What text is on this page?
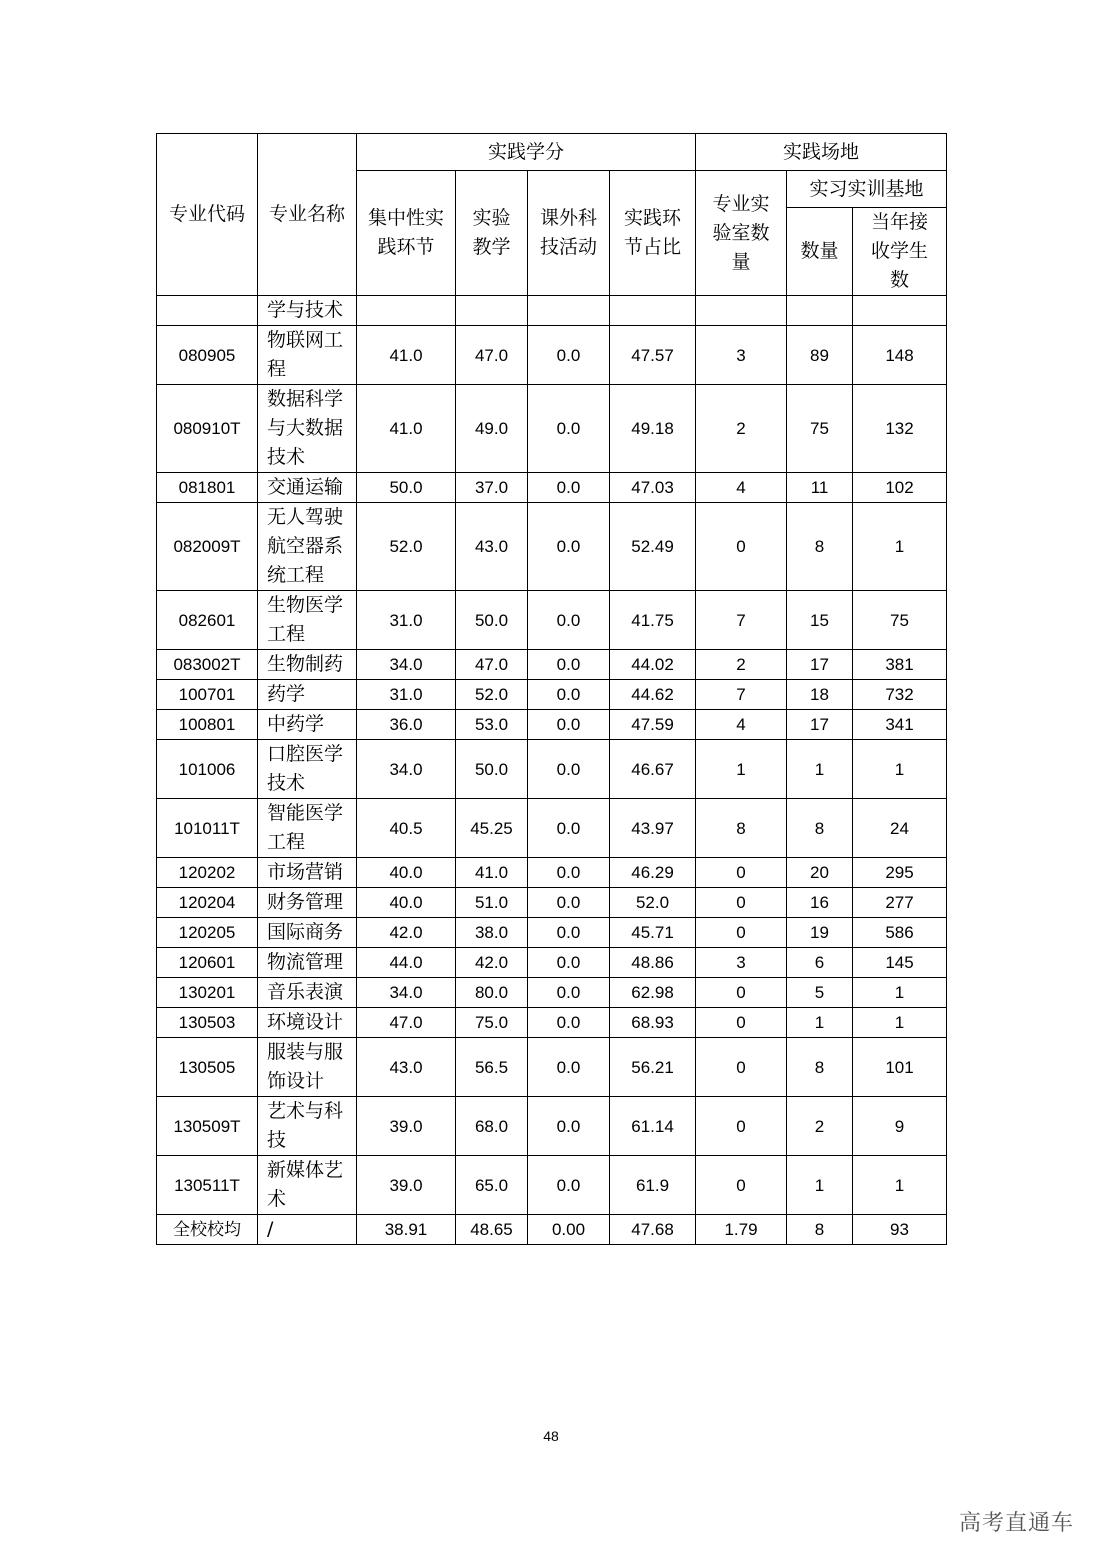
专业代码	专业名称	实践学分				实践场地		
		集中性实践环节	实验教学	课外科技活动	实践环节占比	专业实验室数量	实习实训基地	
							数量	当年接收学生数
	学与技术							
080905	物联网工程	41.0	47.0	0.0	47.57	3	89	148
080910T	数据科学与大数据技术	41.0	49.0	0.0	49.18	2	75	132
081801	交通运输	50.0	37.0	0.0	47.03	4	11	102
082009T	无人驾驶航空器系统工程	52.0	43.0	0.0	52.49	0	8	1
082601	生物医学工程	31.0	50.0	0.0	41.75	7	15	75
083002T	生物制药	34.0	47.0	0.0	44.02	2	17	381
100701	药学	31.0	52.0	0.0	44.62	7	18	732
100801	中药学	36.0	53.0	0.0	47.59	4	17	341
101006	口腔医学技术	34.0	50.0	0.0	46.67	1	1	1
101011T	智能医学工程	40.5	45.25	0.0	43.97	8	8	24
120202	市场营销	40.0	41.0	0.0	46.29	0	20	295
120204	财务管理	40.0	51.0	0.0	52.0	0	16	277
120205	国际商务	42.0	38.0	0.0	45.71	0	19	586
120601	物流管理	44.0	42.0	0.0	48.86	3	6	145
130201	音乐表演	34.0	80.0	0.0	62.98	0	5	1
130503	环境设计	47.0	75.0	0.0	68.93	0	1	1
130505	服装与服饰设计	43.0	56.5	0.0	56.21	0	8	101
130509T	艺术与科技	39.0	68.0	0.0	61.14	0	2	9
130511T	新媒体艺术	39.0	65.0	0.0	61.9	0	1	1
全校校均	/	38.91	48.65	0.00	47.68	1.79	8	93
48
高考直通车
